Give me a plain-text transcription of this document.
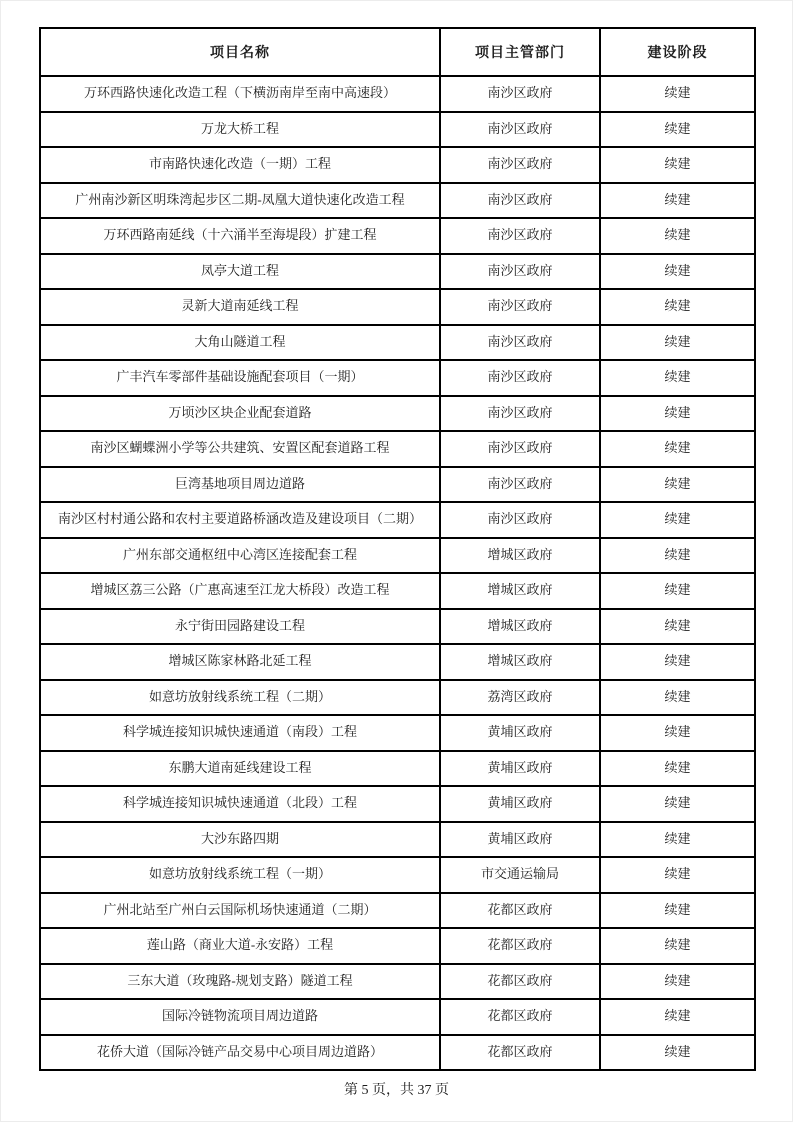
项目名称	项目主管部门	建设阶段
万环西路快速化改造工程（下横沥南岸至南中高速段）	南沙区政府	续建
万龙大桥工程	南沙区政府	续建
市南路快速化改造（一期）工程	南沙区政府	续建
广州南沙新区明珠湾起步区二期-凤凰大道快速化改造工程	南沙区政府	续建
万环西路南延线（十六涌半至海堤段）扩建工程	南沙区政府	续建
凤亭大道工程	南沙区政府	续建
灵新大道南延线工程	南沙区政府	续建
大角山隧道工程	南沙区政府	续建
广丰汽车零部件基础设施配套项目（一期）	南沙区政府	续建
万顷沙区块企业配套道路	南沙区政府	续建
南沙区蝴蝶洲小学等公共建筑、安置区配套道路工程	南沙区政府	续建
巨湾基地项目周边道路	南沙区政府	续建
南沙区村村通公路和农村主要道路桥涵改造及建设项目（二期）	南沙区政府	续建
广州东部交通枢纽中心湾区连接配套工程	增城区政府	续建
增城区荔三公路（广惠高速至江龙大桥段）改造工程	增城区政府	续建
永宁街田园路建设工程	增城区政府	续建
增城区陈家林路北延工程	增城区政府	续建
如意坊放射线系统工程（二期）	荔湾区政府	续建
科学城连接知识城快速通道（南段）工程	黄埔区政府	续建
东鹏大道南延线建设工程	黄埔区政府	续建
科学城连接知识城快速通道（北段）工程	黄埔区政府	续建
大沙东路四期	黄埔区政府	续建
如意坊放射线系统工程（一期）	市交通运输局	续建
广州北站至广州白云国际机场快速通道（二期）	花都区政府	续建
莲山路（商业大道-永安路）工程	花都区政府	续建
三东大道（玫瑰路-规划支路）隧道工程	花都区政府	续建
国际冷链物流项目周边道路	花都区政府	续建
花侨大道（国际冷链产品交易中心项目周边道路）	花都区政府	续建
第 5 页，共 37 页
